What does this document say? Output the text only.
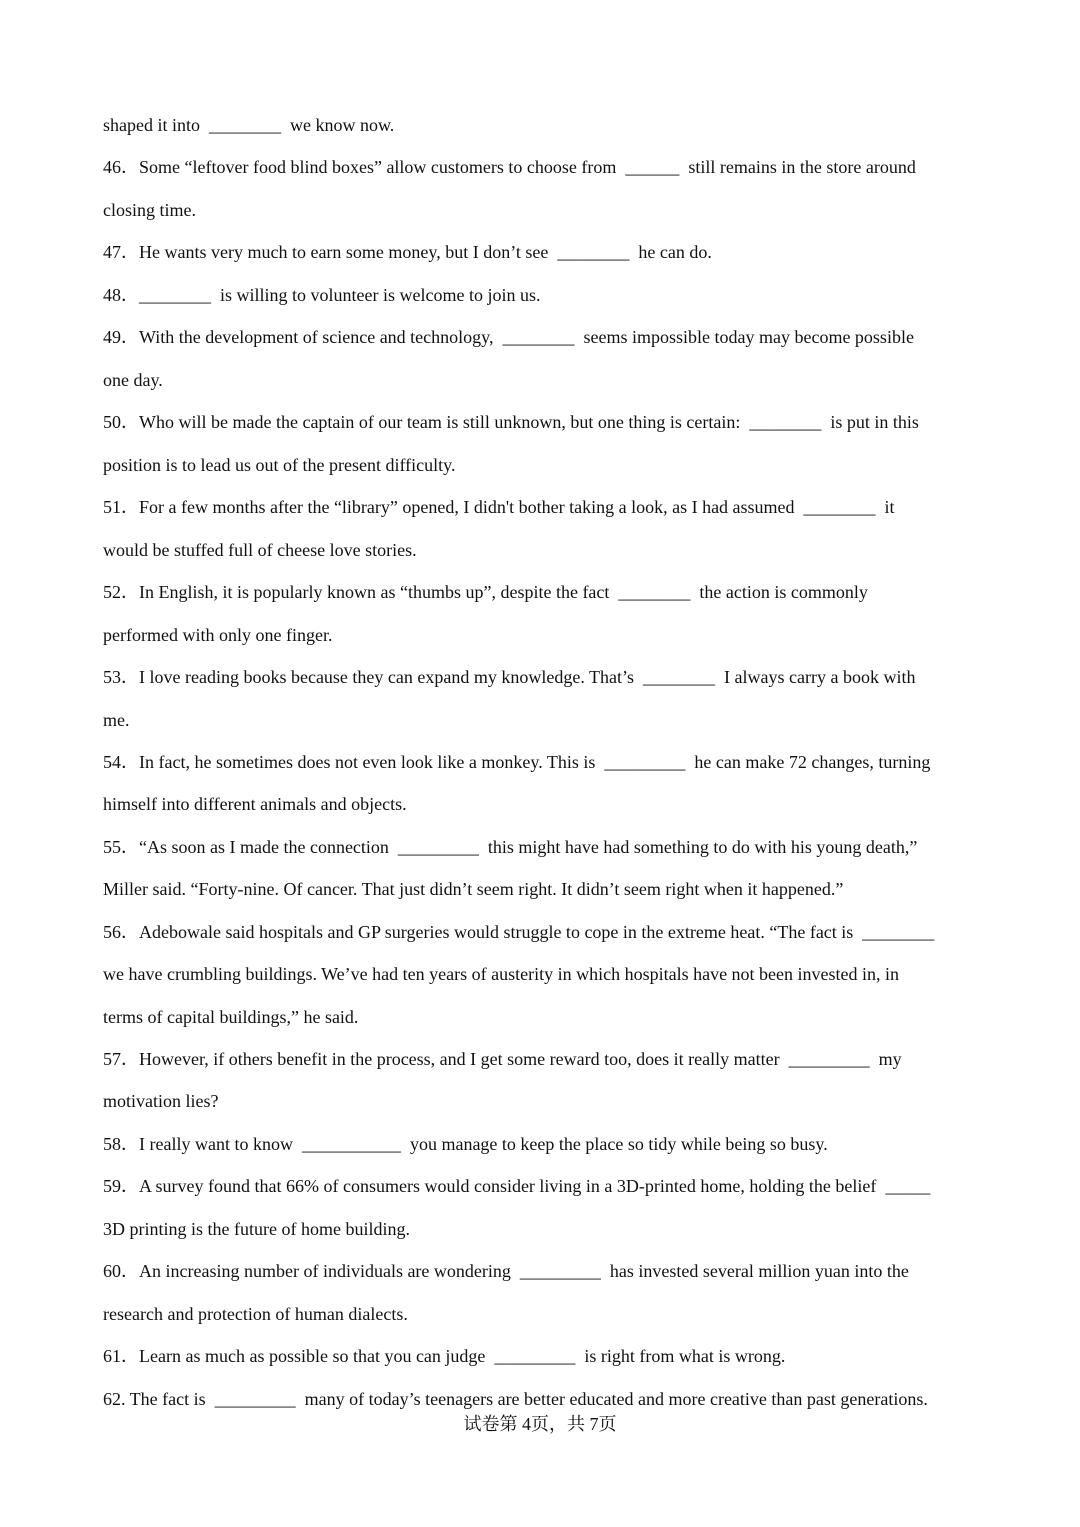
shaped it into  ________  we know now.
46．Some “leftover food blind boxes” allow customers to choose from  ______  still remains in the store around
closing time.
47．He wants very much to earn some money, but I don’t see  ________  he can do.
48．________  is willing to volunteer is welcome to join us.
49．With the development of science and technology,  ________  seems impossible today may become possible
one day.
50．Who will be made the captain of our team is still unknown, but one thing is certain:  ________  is put in this
position is to lead us out of the present difficulty.
51．For a few months after the “library” opened, I didn't bother taking a look, as I had assumed  ________  it
would be stuffed full of cheese love stories.
52．In English, it is popularly known as “thumbs up”, despite the fact  ________  the action is commonly
performed with only one finger.
53．I love reading books because they can expand my knowledge. That’s  ________  I always carry a book with
me.
54．In fact, he sometimes does not even look like a monkey. This is  _________  he can make 72 changes, turning
himself into different animals and objects.
55．“As soon as I made the connection  _________  this might have had something to do with his young death,”
Miller said. “Forty-nine. Of cancer. That just didn’t seem right. It didn’t seem right when it happened.”
56．Adebowale said hospitals and GP surgeries would struggle to cope in the extreme heat. “The fact is  ________
we have crumbling buildings. We’ve had ten years of austerity in which hospitals have not been invested in, in
terms of capital buildings,” he said.
57．However, if others benefit in the process, and I get some reward too, does it really matter  _________  my
motivation lies?
58．I really want to know  ___________  you manage to keep the place so tidy while being so busy.
59．A survey found that 66% of consumers would consider living in a 3D-printed home, holding the belief  _____
3D printing is the future of home building.
60．An increasing number of individuals are wondering  _________  has invested several million yuan into the
research and protection of human dialects.
61．Learn as much as possible so that you can judge  _________  is right from what is wrong.
62. The fact is  _________  many of today’s teenagers are better educated and more creative than past generations.
试卷第 4页，共 7页
